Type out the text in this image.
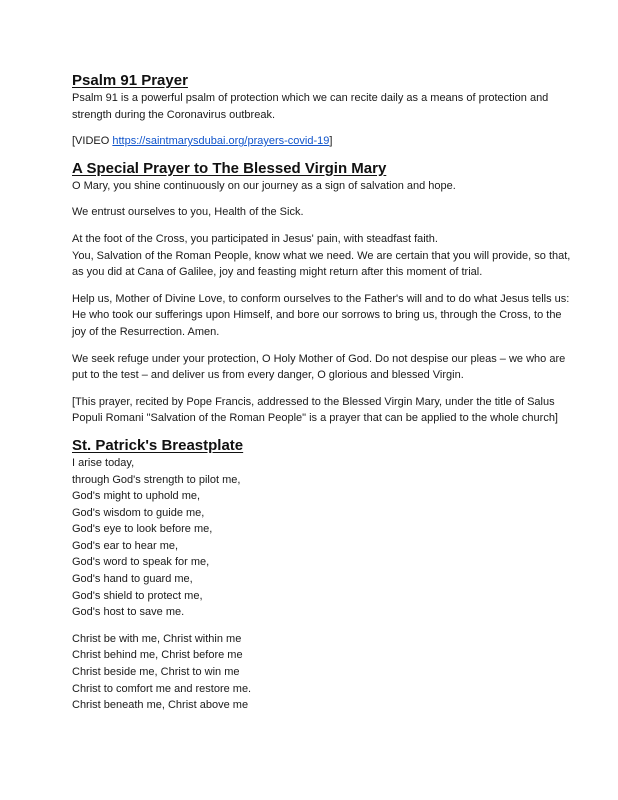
Psalm 91 Prayer

Psalm 91 is a powerful psalm of protection which we can recite daily as a means of protection and strength during the Coronavirus outbreak.

[VIDEO https://saintmarysdubai.org/prayers-covid-19]

A Special Prayer to The Blessed Virgin Mary

O Mary, you shine continuously on our journey as a sign of salvation and hope.

We entrust ourselves to you, Health of the Sick.

At the foot of the Cross, you participated in Jesus' pain, with steadfast faith.

You, Salvation of the Roman People, know what we need. We are certain that you will provide, so that, as you did at Cana of Galilee, joy and feasting might return after this moment of trial.

Help us, Mother of Divine Love, to conform ourselves to the Father's will and to do what Jesus tells us: He who took our sufferings upon Himself, and bore our sorrows to bring us, through the Cross, to the joy of the Resurrection. Amen.

We seek refuge under your protection, O Holy Mother of God. Do not despise our pleas – we who are put to the test – and deliver us from every danger, O glorious and blessed Virgin.

[This prayer, recited by Pope Francis, addressed to the Blessed Virgin Mary, under the title of Salus Populi Romani "Salvation of the Roman People" is a prayer that can be applied to the whole church]

St. Patrick's Breastplate

I arise today,

through God's strength to pilot me,

God's might to uphold me,

God's wisdom to guide me,

God's eye to look before me,

God's ear to hear me,

God's word to speak for me,

God's hand to guard me,

God's shield to protect me,

God's host to save me.

Christ be with me, Christ within me

Christ behind me, Christ before me

Christ beside me, Christ to win me

Christ to comfort me and restore me.

Christ beneath me, Christ above me
